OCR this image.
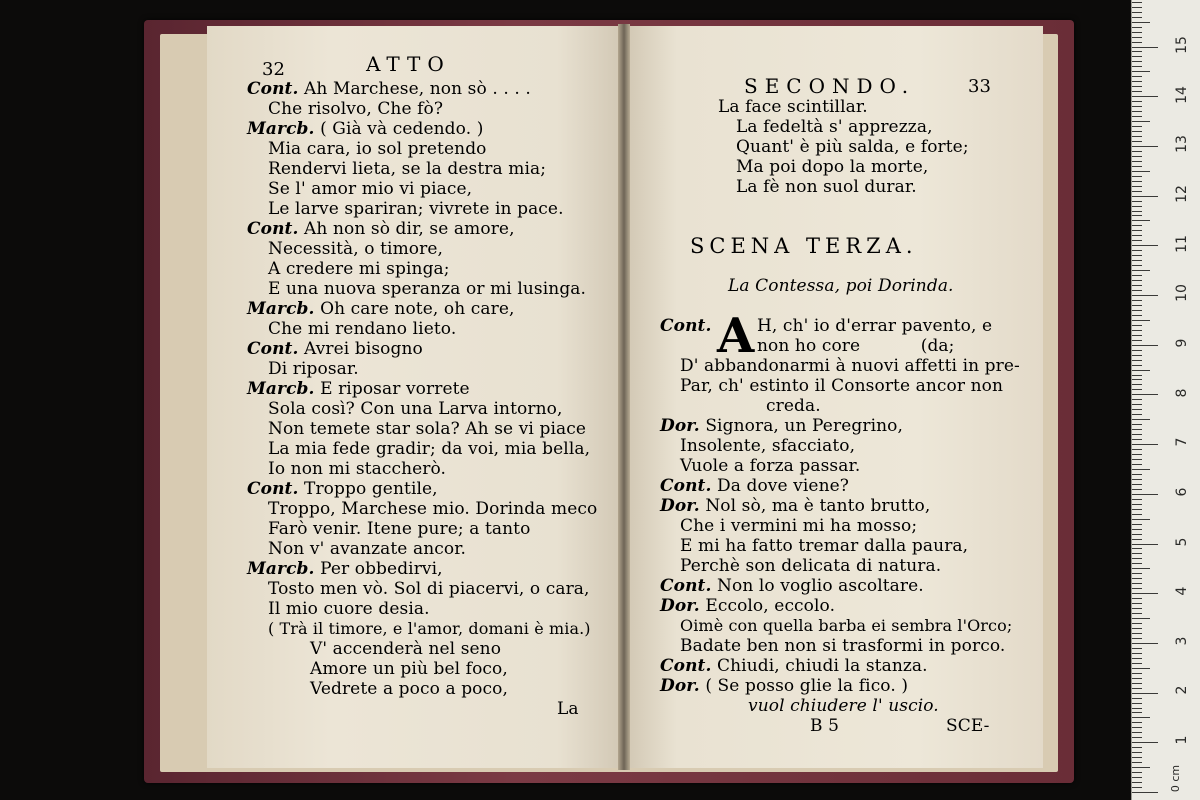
32	ATTO
Cont. Ah Marchese, non sò . . . .
Che risolvo, Che fò?
Marcb. ( Già và cedendo. )
Mia cara, io sol pretendo
Rendervi lieta, se la destra mia;
Se l' amor mio vi piace,
Le larve spariran; vivrete in pace.
Cont. Ah non sò dir, se amore,
Necessità, o timore,
A credere mi spinga;
E una nuova speranza or mi lusinga.
Marcb. Oh care note, oh care,
Che mi rendano lieto.
Cont. Avrei bisogno
Di riposar.
Marcb. E riposar vorrete
Sola così? Con una Larva intorno,
Non temete star sola? Ah se vi piace
La mia fede gradir; da voi, mia bella,
Io non mi staccherò.
Cont. Troppo gentile,
Troppo, Marchese mio. Dorinda meco
Farò venir. Itene pure; a tanto
Non v' avanzate ancor.
Marcb. Per obbedirvi,
Tosto men vò. Sol di piacervi, o cara,
Il mio cuore desia.
( Trà il timore, e l'amor, domani è mia.)
V' accenderà nel seno
Amore un più bel foco,
Vedrete a poco a poco,
La
SECONDO.	33
La face scintillar.
La fedeltà s' apprezza,
Quant' è più salda, e forte;
Ma poi dopo la morte,
La fè non suol durar.
SCENA TERZA.
La Contessa, poi Dorinda.
Cont. A H, ch' io d'errar pavento, e
non ho core           (da;
D' abbandonarmi à nuovi affetti in pre-
Par, ch' estinto il Consorte ancor non
creda.
Dor. Signora, un Peregrino,
Insolente, sfacciato,
Vuole a forza passar.
Cont. Da dove viene?
Dor. Nol sò, ma è tanto brutto,
Che i vermini mi ha mosso;
E mi ha fatto tremar dalla paura,
Perchè son delicata di natura.
Cont. Non lo voglio ascoltare.
Dor. Eccolo, eccolo.
Oimè con quella barba ei sembra l'Orco;
Badate ben non si trasformi in porco.
Cont. Chiudi, chiudi la stanza.
Dor. ( Se posso glie la fico. )
vuol chiudere l' uscio.
B 5	SCE-
15
14
13
12
11
10
9
8
7
6
5
4
3
2
1
0 cm
